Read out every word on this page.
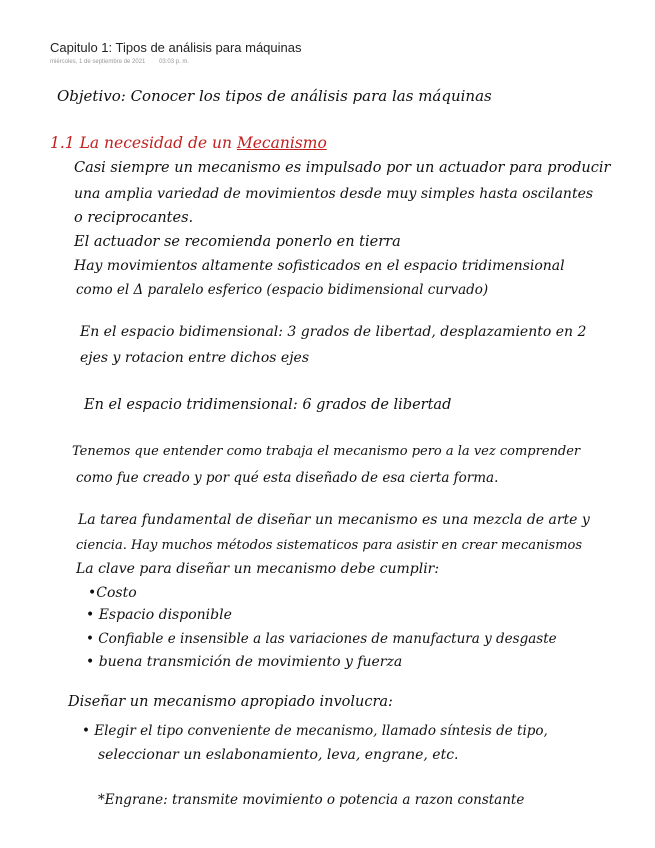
Capitulo 1: Tipos de análisis para máquinas
miércoles, 1 de septiembre de 2021 03:03 p. m.
Objetivo: Conocer los tipos de análisis para las máquinas
1.1 La necesidad de un Mecanismo
Casi siempre un mecanismo es impulsado por un actuador para producir
una amplia variedad de movimientos desde muy simples hasta oscilantes
o reciprocantes.
El actuador se recomienda ponerlo en tierra
Hay movimientos altamente sofisticados en el espacio tridimensional
como el Δ paralelo esferico (espacio bidimensional curvado)
En el espacio bidimensional: 3 grados de libertad, desplazamiento en 2
ejes y rotacion entre dichos ejes
En el espacio tridimensional: 6 grados de libertad
Tenemos que entender como trabaja el mecanismo pero a la vez comprender
como fue creado y por qué esta diseñado de esa cierta forma.
La tarea fundamental de diseñar un mecanismo es una mezcla de arte y
ciencia. Hay muchos métodos sistematicos para asistir en crear mecanismos
La clave para diseñar un mecanismo debe cumplir:
•Costo
• Espacio disponible
• Confiable e insensible a las variaciones de manufactura y desgaste
• buena transmición de movimiento y fuerza
Diseñar un mecanismo apropiado involucra:
• Elegir el tipo conveniente de mecanismo, llamado síntesis de tipo,
seleccionar un eslabonamiento, leva, engrane, etc.
*Engrane: transmite movimiento o potencia a razon constante
